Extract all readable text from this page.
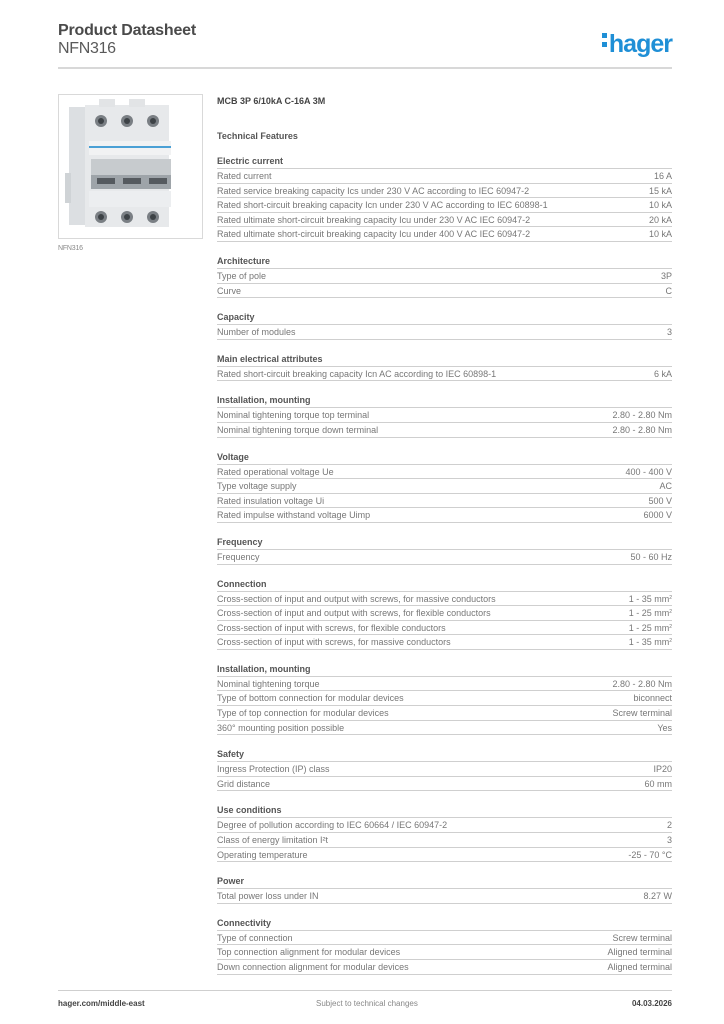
Product Datasheet
NFN316	hager
NFN316
MCB 3P 6/10kA C-16A 3M
Technical Features
Electric current
Rated current	16 A
Rated service breaking capacity Ics under 230 V AC according to IEC 60947-2	15 kA
Rated short-circuit breaking capacity Icn under 230 V AC according to IEC 60898-1	10 kA
Rated ultimate short-circuit breaking capacity Icu under 230 V AC IEC 60947-2	20 kA
Rated ultimate short-circuit breaking capacity Icu under 400 V AC IEC 60947-2	10 kA
Architecture
Type of pole	3P
Curve	C
Capacity
Number of modules	3
Main electrical attributes
Rated short-circuit breaking capacity Icn AC according to IEC 60898-1	6 kA
Installation, mounting
Nominal tightening torque top terminal	2.80 - 2.80 Nm
Nominal tightening torque down terminal	2.80 - 2.80 Nm
Voltage
Rated operational voltage Ue	400 - 400 V
Type voltage supply	AC
Rated insulation voltage Ui	500 V
Rated impulse withstand voltage Uimp	6000 V
Frequency
Frequency	50 - 60 Hz
Connection
Cross-section of input and output with screws, for massive conductors	1 - 35 $mm^2$
Cross-section of input and output with screws, for flexible conductors	1 - 25 $mm^2$
Cross-section of input with screws, for flexible conductors	1 - 25 $mm^2$
Cross-section of input with screws, for massive conductors	1 - 35 $mm^2$
Installation, mounting
Nominal tightening torque	2.80 - 2.80 Nm
Type of bottom connection for modular devices	biconnect
Type of top connection for modular devices	Screw terminal
360° mounting position possible	Yes
Safety
Ingress Protection (IP) class	IP20
Grid distance	60 mm
Use conditions
Degree of pollution according to IEC 60664 / IEC 60947-2	2
Class of energy limitation I²t	3
Operating temperature	-25 - 70 °C
Power
Total power loss under IN	8.27 W
Connectivity
Type of connection	Screw terminal
Top connection alignment for modular devices	Aligned terminal
Down connection alignment for modular devices	Aligned terminal
hager.com/middle-east	Subject to technical changes	04.03.2026
